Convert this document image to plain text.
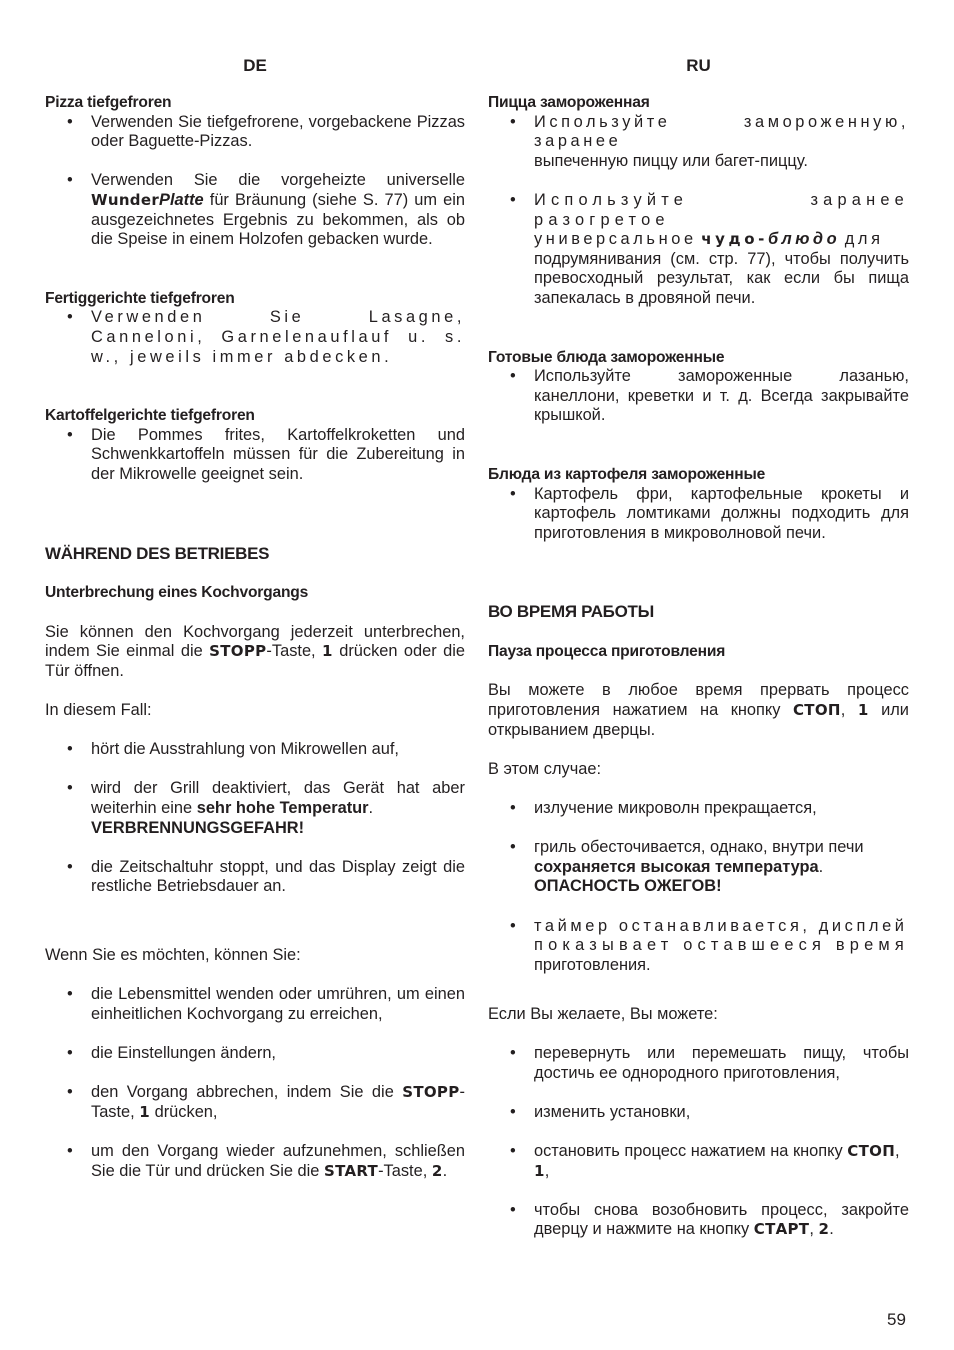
DE
Pizza tiefgefroren
• Verwenden Sie tiefgefrorene, vorgebackene Pizzas oder Baguette-Pizzas.
• Verwenden Sie die vorgeheizte universelle WunderPlatte für Bräunung (siehe S. 77) um ein ausgezeichnetes Ergebnis zu bekommen, als ob die Speise in einem Holzofen gebacken wurde.
Fertiggerichte tiefgefroren
• Verwenden Sie Lasagne, Canneloni, Garnelenauflauf u. s. w., jeweils immer abdecken.
Kartoffelgerichte tiefgefroren
• Die Pommes frites, Kartoffelkroketten und Schwenkkartoffeln müssen für die Zubereitung in der Mikrowelle geeignet sein.
WÄHREND DES BETRIEBES
Unterbrechung eines Kochvorgangs

Sie können den Kochvorgang jederzeit unterbrechen, indem Sie einmal die STOPP-Taste, 1 drücken oder die Tür öffnen.

In diesem Fall:

• hört die Ausstrahlung von Mikrowellen auf,
• wird der Grill deaktiviert, das Gerät hat aber weiterhin eine sehr hohe Temperatur.
VERBRENNUNGSGEFAHR!
• die Zeitschaltuhr stoppt, und das Display zeigt die restliche Betriebsdauer an.

Wenn Sie es möchten, können Sie:

• die Lebensmittel wenden oder umrühren, um einen einheitlichen Kochvorgang zu erreichen,
• die Einstellungen ändern,
• den Vorgang abbrechen, indem Sie die STOPP-Taste, 1 drücken,
• um den Vorgang wieder aufzunehmen, schließen Sie die Tür und drücken Sie die START-Taste, 2.
RU
Пицца замороженная
• Используйте замороженную, заранее
выпеченную пиццу или багет-пиццу.
• Используйте заранее разогретое
универсальное чудо-блюдо для
подрумянивания (см. стр. 77), чтобы получить превосходный результат, как если бы пища запекалась в дровяной печи.
Готовые блюда замороженные
• Используйте замороженные лазанью, канеллони, креветки и т. д. Всегда закрывайте крышкой.
Блюда из картофеля замороженные
• Картофель фри, картофельные крокеты и картофель ломтиками должны подходить для приготовления в микроволновой печи.
ВО ВРЕМЯ РАБОТЫ
Пауза процесса приготовления

Вы можете в любое время прервать процесс приготовления нажатием на кнопку СТОП, 1 или открыванием дверцы.

В этом случае:

• излучение микроволн прекращается,
• гриль обесточивается, однако, внутри печи
сохраняется высокая температура.
ОПАСНОСТЬ ОЖЕГОВ!
• таймер останавливается, дисплей
показывает оставшееся время
приготовления.

Если Вы желаете, Вы можете:

• перевернуть или перемешать пищу, чтобы достичь ее однородного приготовления,
• изменить установки,
• остановить процесс нажатием на кнопку СТОП,
1,
• чтобы снова возобновить процесс, закройте дверцу и нажмите на кнопку СТАРТ, 2.
59
